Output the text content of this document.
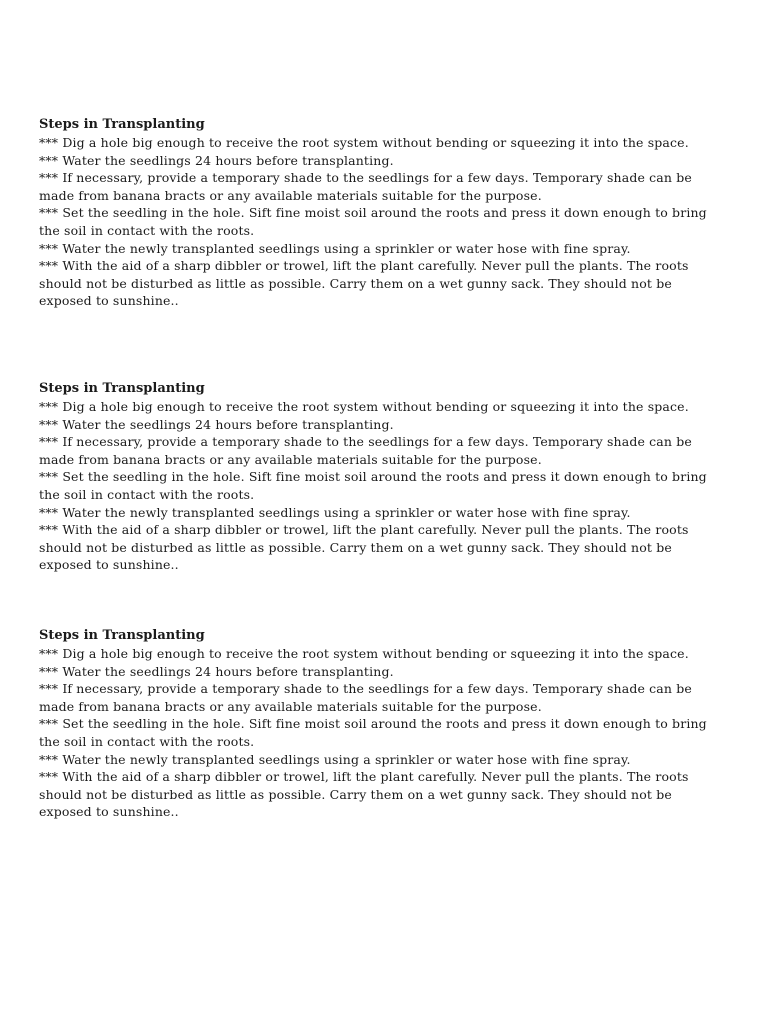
Steps in Transplanting
*** Dig a hole big enough to receive the root system without bending or squeezing it into the space.
*** Water the seedlings 24 hours before transplanting.
*** If necessary, provide a temporary shade to the seedlings for a few days. Temporary shade can be made from banana bracts or any available materials suitable for the purpose.
*** Set the seedling in the hole. Sift fine moist soil around the roots and press it down enough to bring the soil in contact with the roots.
*** Water the newly transplanted seedlings using a sprinkler or water hose with fine spray.
*** With the aid of a sharp dibbler or trowel, lift the plant carefully. Never pull the plants. The roots should not be disturbed as little as possible. Carry them on a wet gunny sack. They should not be exposed to sunshine..
Steps in Transplanting
*** Dig a hole big enough to receive the root system without bending or squeezing it into the space.
*** Water the seedlings 24 hours before transplanting.
*** If necessary, provide a temporary shade to the seedlings for a few days. Temporary shade can be made from banana bracts or any available materials suitable for the purpose.
*** Set the seedling in the hole. Sift fine moist soil around the roots and press it down enough to bring the soil in contact with the roots.
*** Water the newly transplanted seedlings using a sprinkler or water hose with fine spray.
*** With the aid of a sharp dibbler or trowel, lift the plant carefully. Never pull the plants. The roots should not be disturbed as little as possible. Carry them on a wet gunny sack. They should not be exposed to sunshine..
Steps in Transplanting
*** Dig a hole big enough to receive the root system without bending or squeezing it into the space.
*** Water the seedlings 24 hours before transplanting.
*** If necessary, provide a temporary shade to the seedlings for a few days. Temporary shade can be made from banana bracts or any available materials suitable for the purpose.
*** Set the seedling in the hole. Sift fine moist soil around the roots and press it down enough to bring the soil in contact with the roots.
*** Water the newly transplanted seedlings using a sprinkler or water hose with fine spray.
*** With the aid of a sharp dibbler or trowel, lift the plant carefully. Never pull the plants. The roots should not be disturbed as little as possible. Carry them on a wet gunny sack. They should not be exposed to sunshine..
